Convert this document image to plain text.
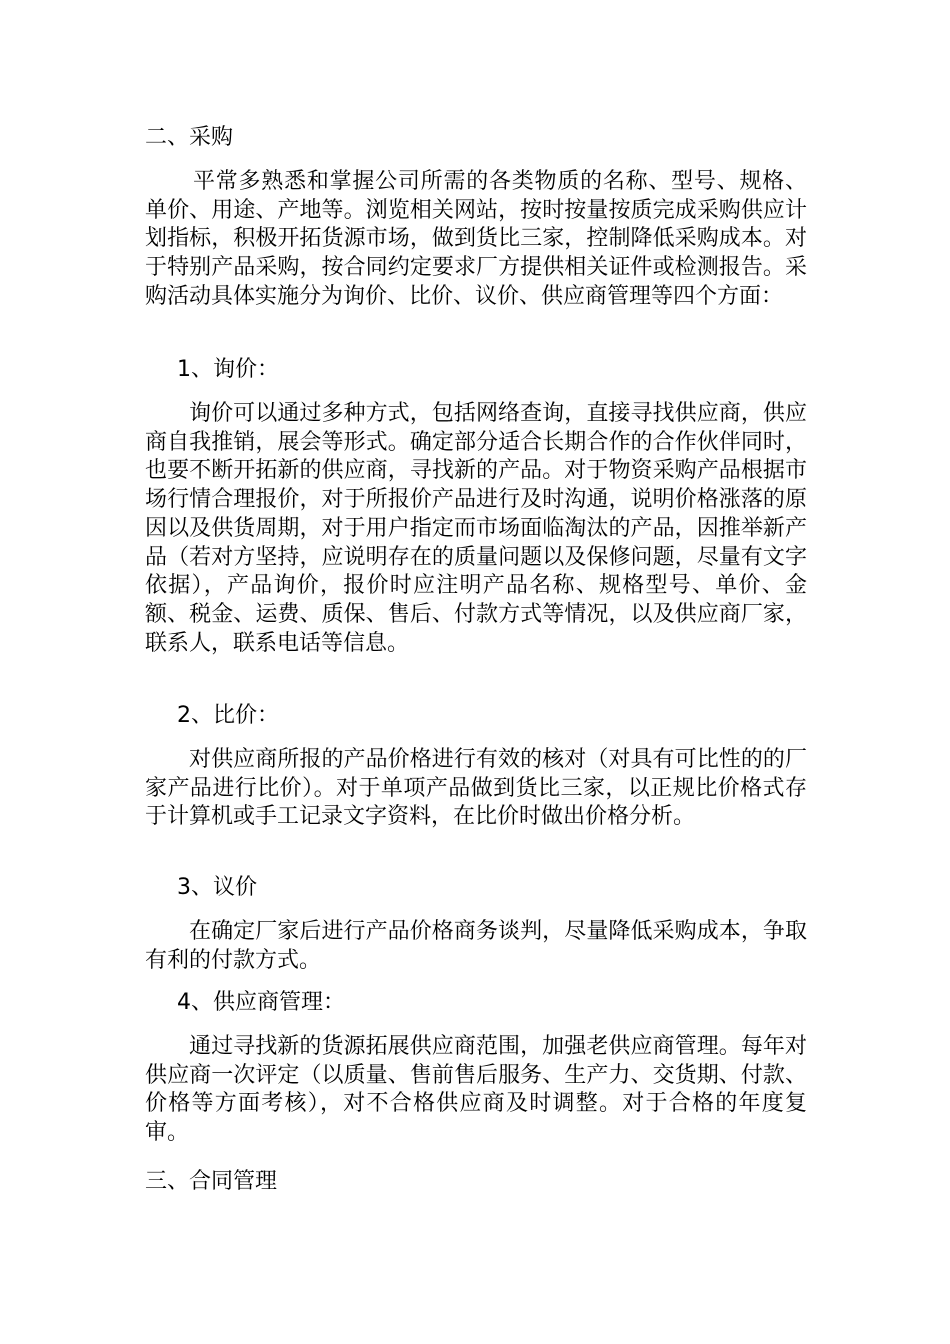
二、采购
平常多熟悉和掌握公司所需的各类物质的名称、型号、规格、单价、用途、产地等。浏览相关网站，按时按量按质完成采购供应计划指标，积极开拓货源市场，做到货比三家，控制降低采购成本。对于特别产品采购，按合同约定要求厂方提供相关证件或检测报告。采购活动具体实施分为询价、比价、议价、供应商管理等四个方面：
1、询价：
询价可以通过多种方式，包括网络查询，直接寻找供应商，供应商自我推销，展会等形式。确定部分适合长期合作的合作伙伴同时，也要不断开拓新的供应商，寻找新的产品。对于物资采购产品根据市场行情合理报价，对于所报价产品进行及时沟通，说明价格涨落的原因以及供货周期，对于用户指定而市场面临淘汰的产品，因推举新产品（若对方坚持，应说明存在的质量问题以及保修问题，尽量有文字依据），产品询价，报价时应注明产品名称、规格型号、单价、金额、税金、运费、质保、售后、付款方式等情况，以及供应商厂家，联系人，联系电话等信息。
2、比价：
对供应商所报的产品价格进行有效的核对（对具有可比性的的厂家产品进行比价）。对于单项产品做到货比三家，以正规比价格式存于计算机或手工记录文字资料，在比价时做出价格分析。
3、议价
在确定厂家后进行产品价格商务谈判，尽量降低采购成本，争取有利的付款方式。
4、供应商管理：
通过寻找新的货源拓展供应商范围，加强老供应商管理。每年对供应商一次评定（以质量、售前售后服务、生产力、交货期、付款、价格等方面考核），对不合格供应商及时调整。对于合格的年度复审。
三、合同管理
